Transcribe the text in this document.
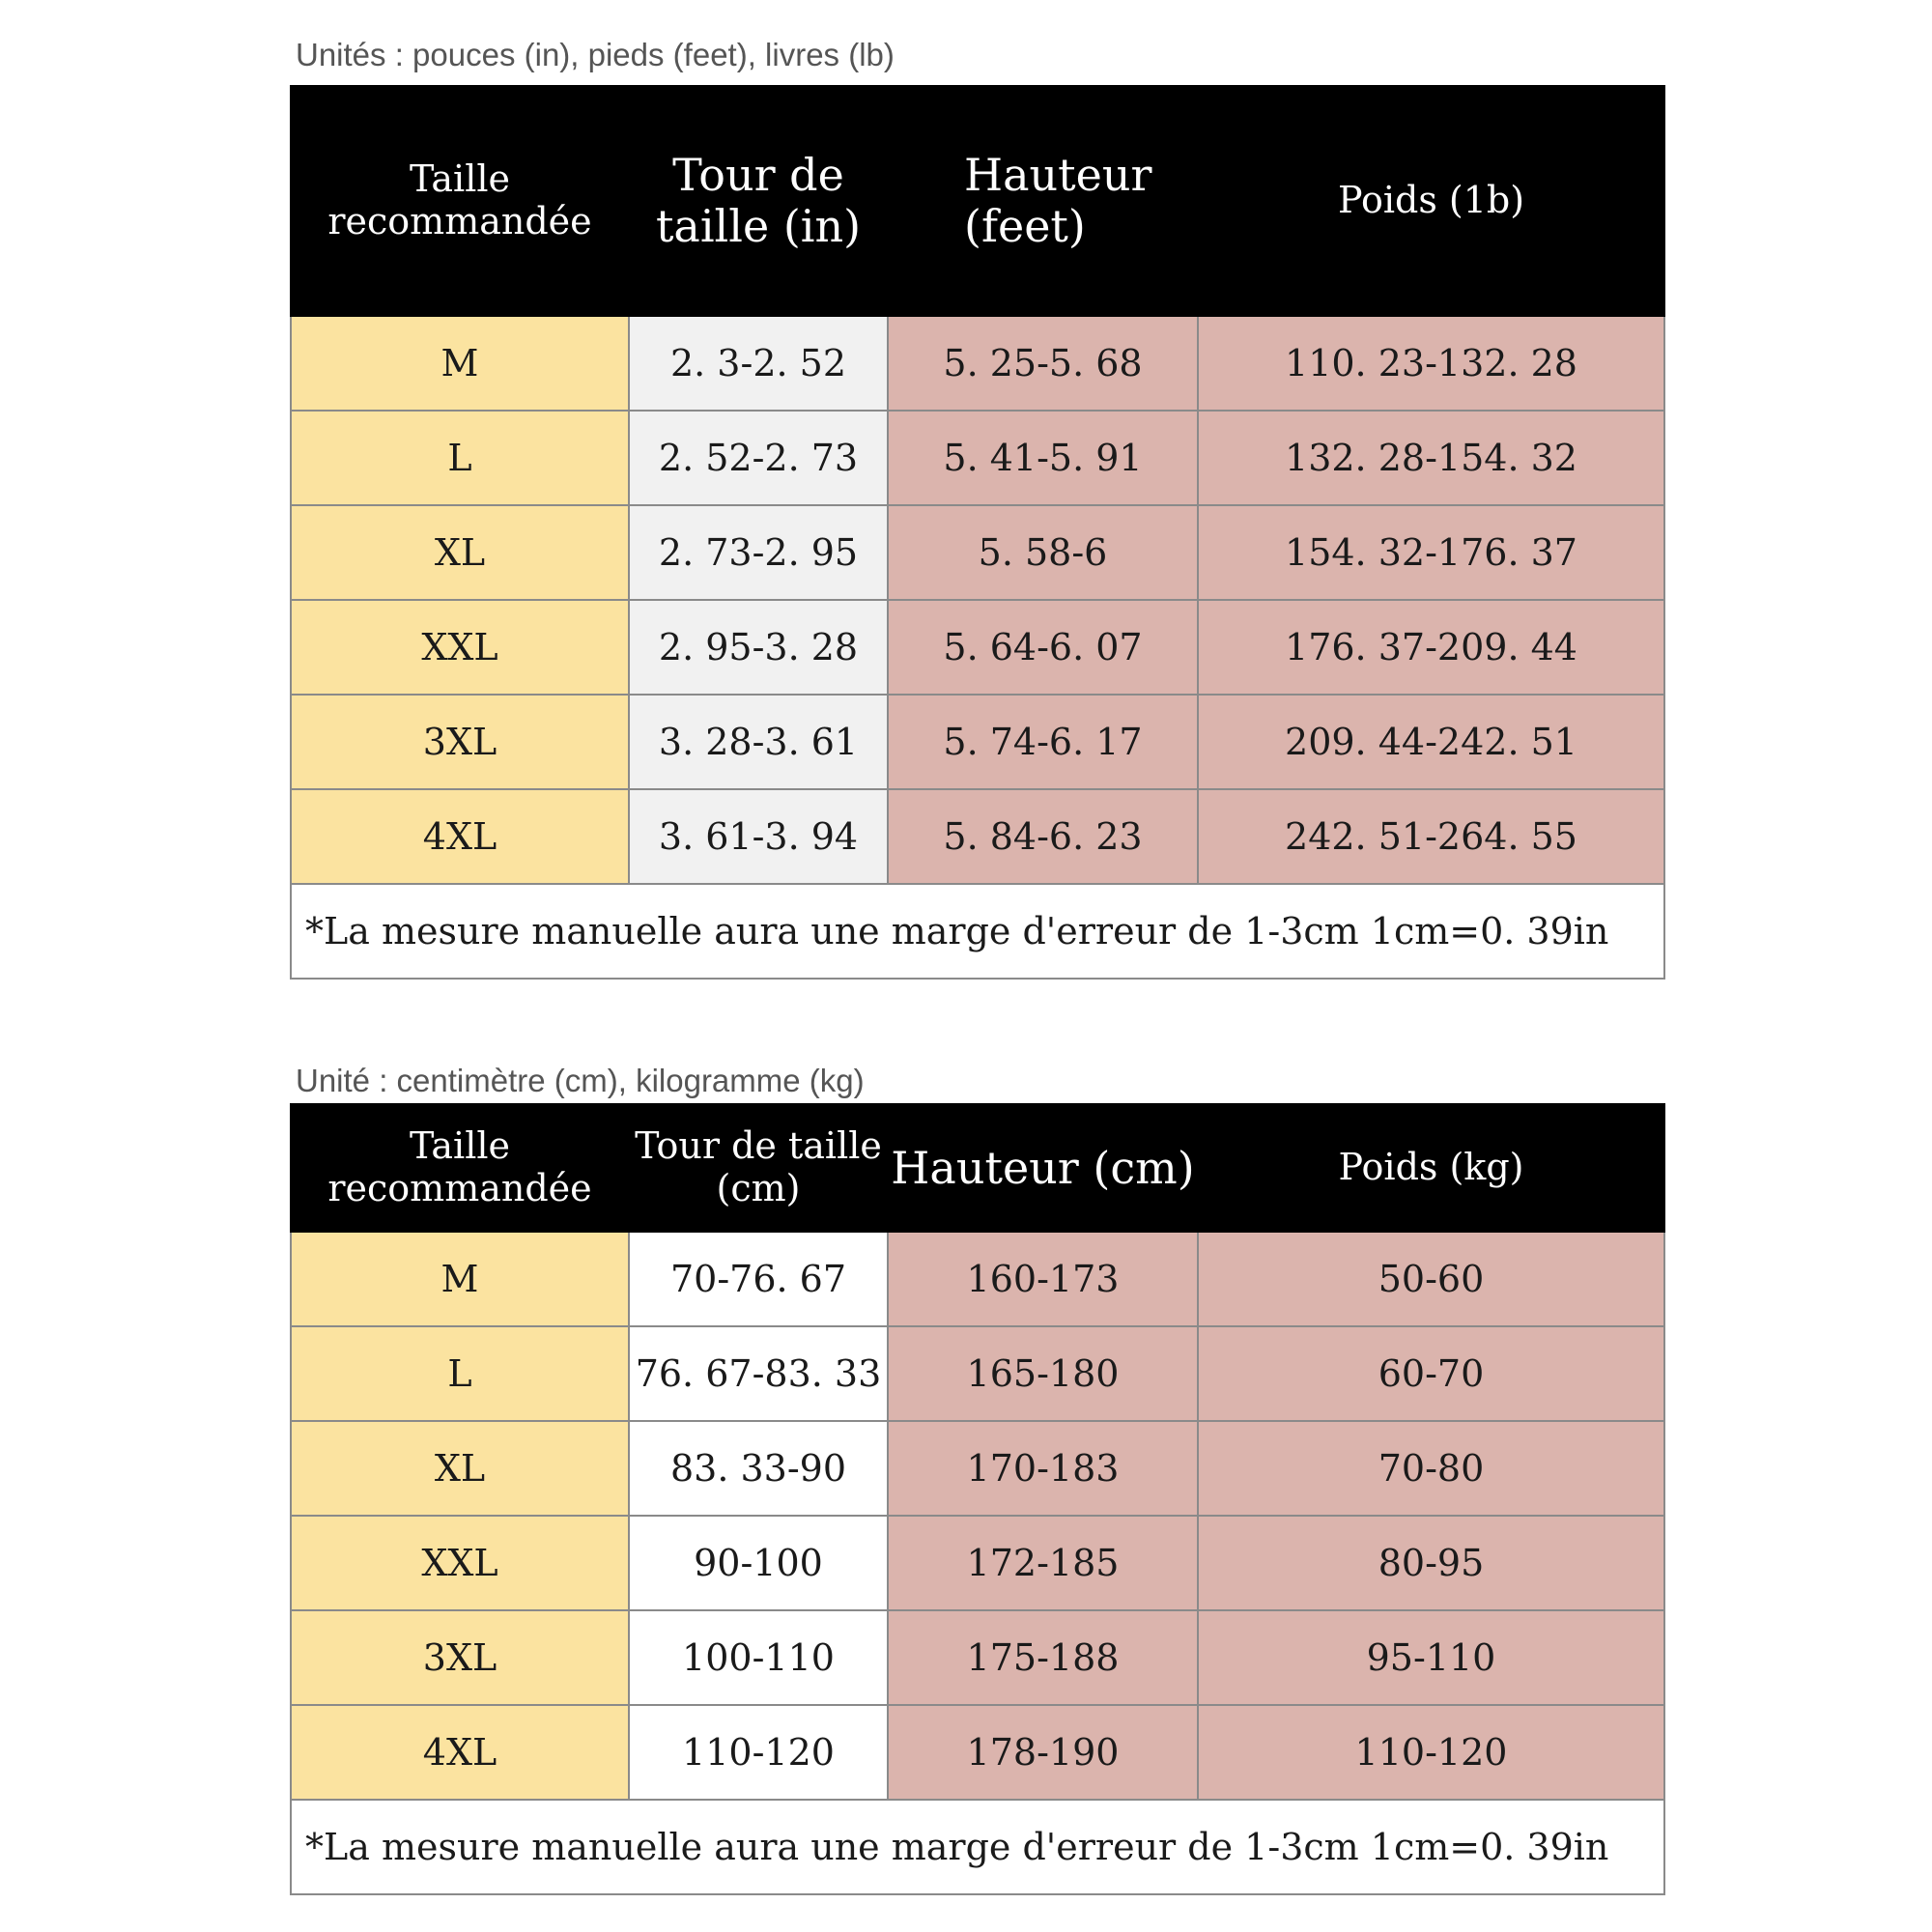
Unités : pouces (in), pieds (feet), livres (lb)
Taille recommandée	Tour de taille (in)	Hauteur (feet)	Poids (1b)
M	2. 3-2. 52	5. 25-5. 68	110. 23-132. 28
L	2. 52-2. 73	5. 41-5. 91	132. 28-154. 32
XL	2. 73-2. 95	5. 58-6	154. 32-176. 37
XXL	2. 95-3. 28	5. 64-6. 07	176. 37-209. 44
3XL	3. 28-3. 61	5. 74-6. 17	209. 44-242. 51
4XL	3. 61-3. 94	5. 84-6. 23	242. 51-264. 55
*La mesure manuelle aura une marge d'erreur de 1-3cm 1cm=0. 39in			
Unité : centimètre (cm), kilogramme (kg)
Taille recommandée	Tour de taille (cm)	Hauteur (cm)	Poids (kg)
M	70-76. 67	160-173	50-60
L	76. 67-83. 33	165-180	60-70
XL	83. 33-90	170-183	70-80
XXL	90-100	172-185	80-95
3XL	100-110	175-188	95-110
4XL	110-120	178-190	110-120
*La mesure manuelle aura une marge d'erreur de 1-3cm 1cm=0. 39in			
